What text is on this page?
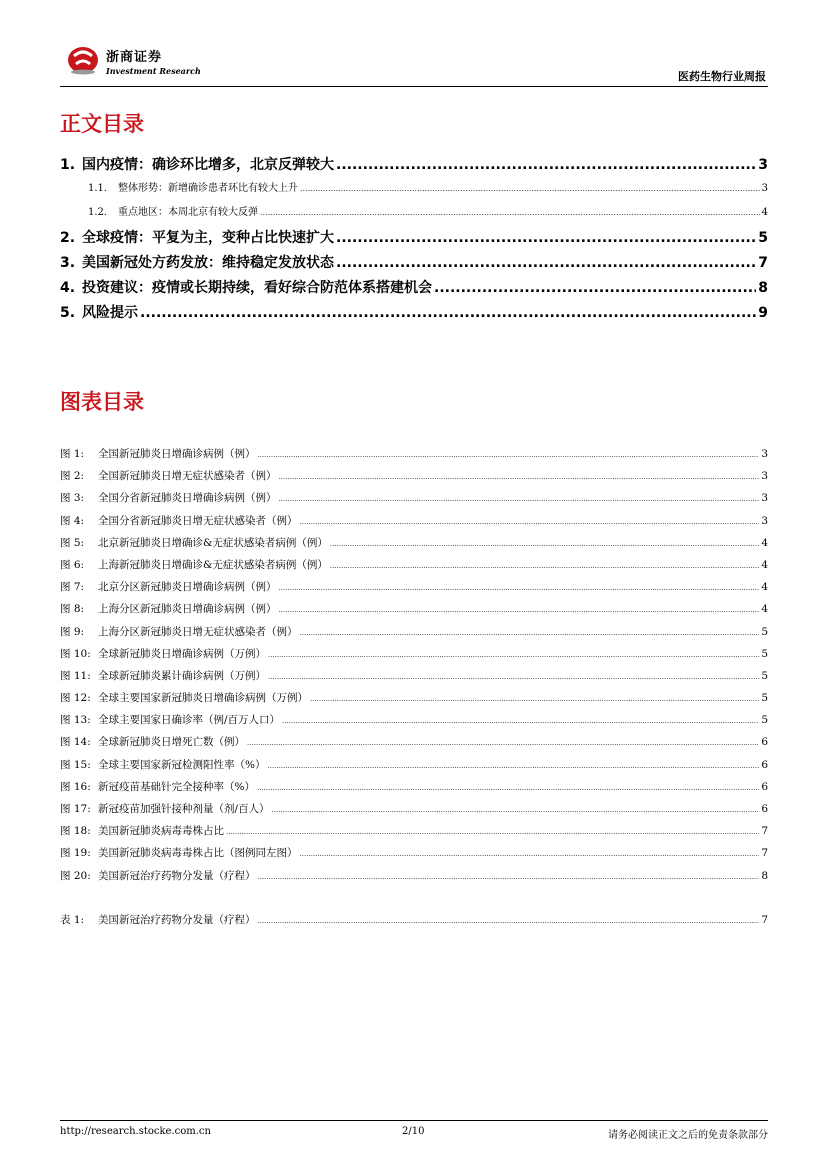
浙商证券
Investment Research	医药生物行业周报
正文目录
1. 国内疫情：确诊环比增多，北京反弹较大 .....	3
1.1. 整体形势：新增确诊患者环比有较大上升 .....	3
1.2. 重点地区：本周北京有较大反弹 .....	4
2. 全球疫情：平复为主，变种占比快速扩大 .....	5
3. 美国新冠处方药发放：维持稳定发放状态 .....	7
4. 投资建议：疫情或长期持续，看好综合防范体系搭建机会 .....	8
5. 风险提示 .....	9
图表目录
图 1: 全国新冠肺炎日增确诊病例（例） .....	3
图 2: 全国新冠肺炎日增无症状感染者（例） .....	3
图 3: 全国分省新冠肺炎日增确诊病例（例） .....	3
图 4: 全国分省新冠肺炎日增无症状感染者（例） .....	3
图 5: 北京新冠肺炎日增确诊&无症状感染者病例（例） .....	4
图 6: 上海新冠肺炎日增确诊&无症状感染者病例（例） .....	4
图 7: 北京分区新冠肺炎日增确诊病例（例） .....	4
图 8: 上海分区新冠肺炎日增确诊病例（例） .....	4
图 9: 上海分区新冠肺炎日增无症状感染者（例） .....	5
图 10: 全球新冠肺炎日增确诊病例（万例） .....	5
图 11: 全球新冠肺炎累计确诊病例（万例） .....	5
图 12: 全球主要国家新冠肺炎日增确诊病例（万例） .....	5
图 13: 全球主要国家日确诊率（例/百万人口） .....	5
图 14: 全球新冠肺炎日增死亡数（例） .....	6
图 15: 全球主要国家新冠检测阳性率（%） .....	6
图 16: 新冠疫苗基础针完全接种率（%） .....	6
图 17: 新冠疫苗加强针接种剂量（剂/百人） .....	6
图 18: 美国新冠肺炎病毒毒株占比 .....	7
图 19: 美国新冠肺炎病毒毒株占比（图例同左图） .....	7
图 20: 美国新冠治疗药物分发量（疗程） .....	8
表 1: 美国新冠治疗药物分发量（疗程） .....	7
http://research.stocke.com.cn	2/10	请务必阅读正文之后的免责条款部分
